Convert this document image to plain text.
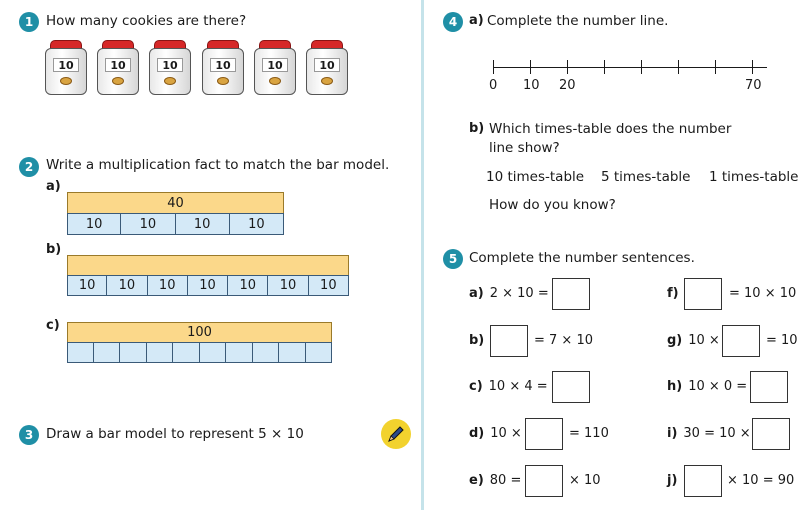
1 How many cookies are there?
10	10	10	10	10	10
2 Write a multiplication fact to match the bar model.
a)
40
10	10	10	10
b)
10	10	10	10	10	10	10
c)	100
3 Draw a bar model to represent 5 × 10
4 a) Complete the number line.
0 10 20	70
b) Which times-table does the number
line show?
10 times-table 5 times-table 1 times-table
How do you know?
5 Complete the number sentences.
a) 2 × 10 =
b)	= 7 × 10
c) 10 × 4 =
d) 10 ×	= 110
e) 80 =	× 10
f)	= 10 × 10
g) 10 ×	= 10
h) 10 × 0 =
i) 30 = 10 ×
j)	× 10 = 90
